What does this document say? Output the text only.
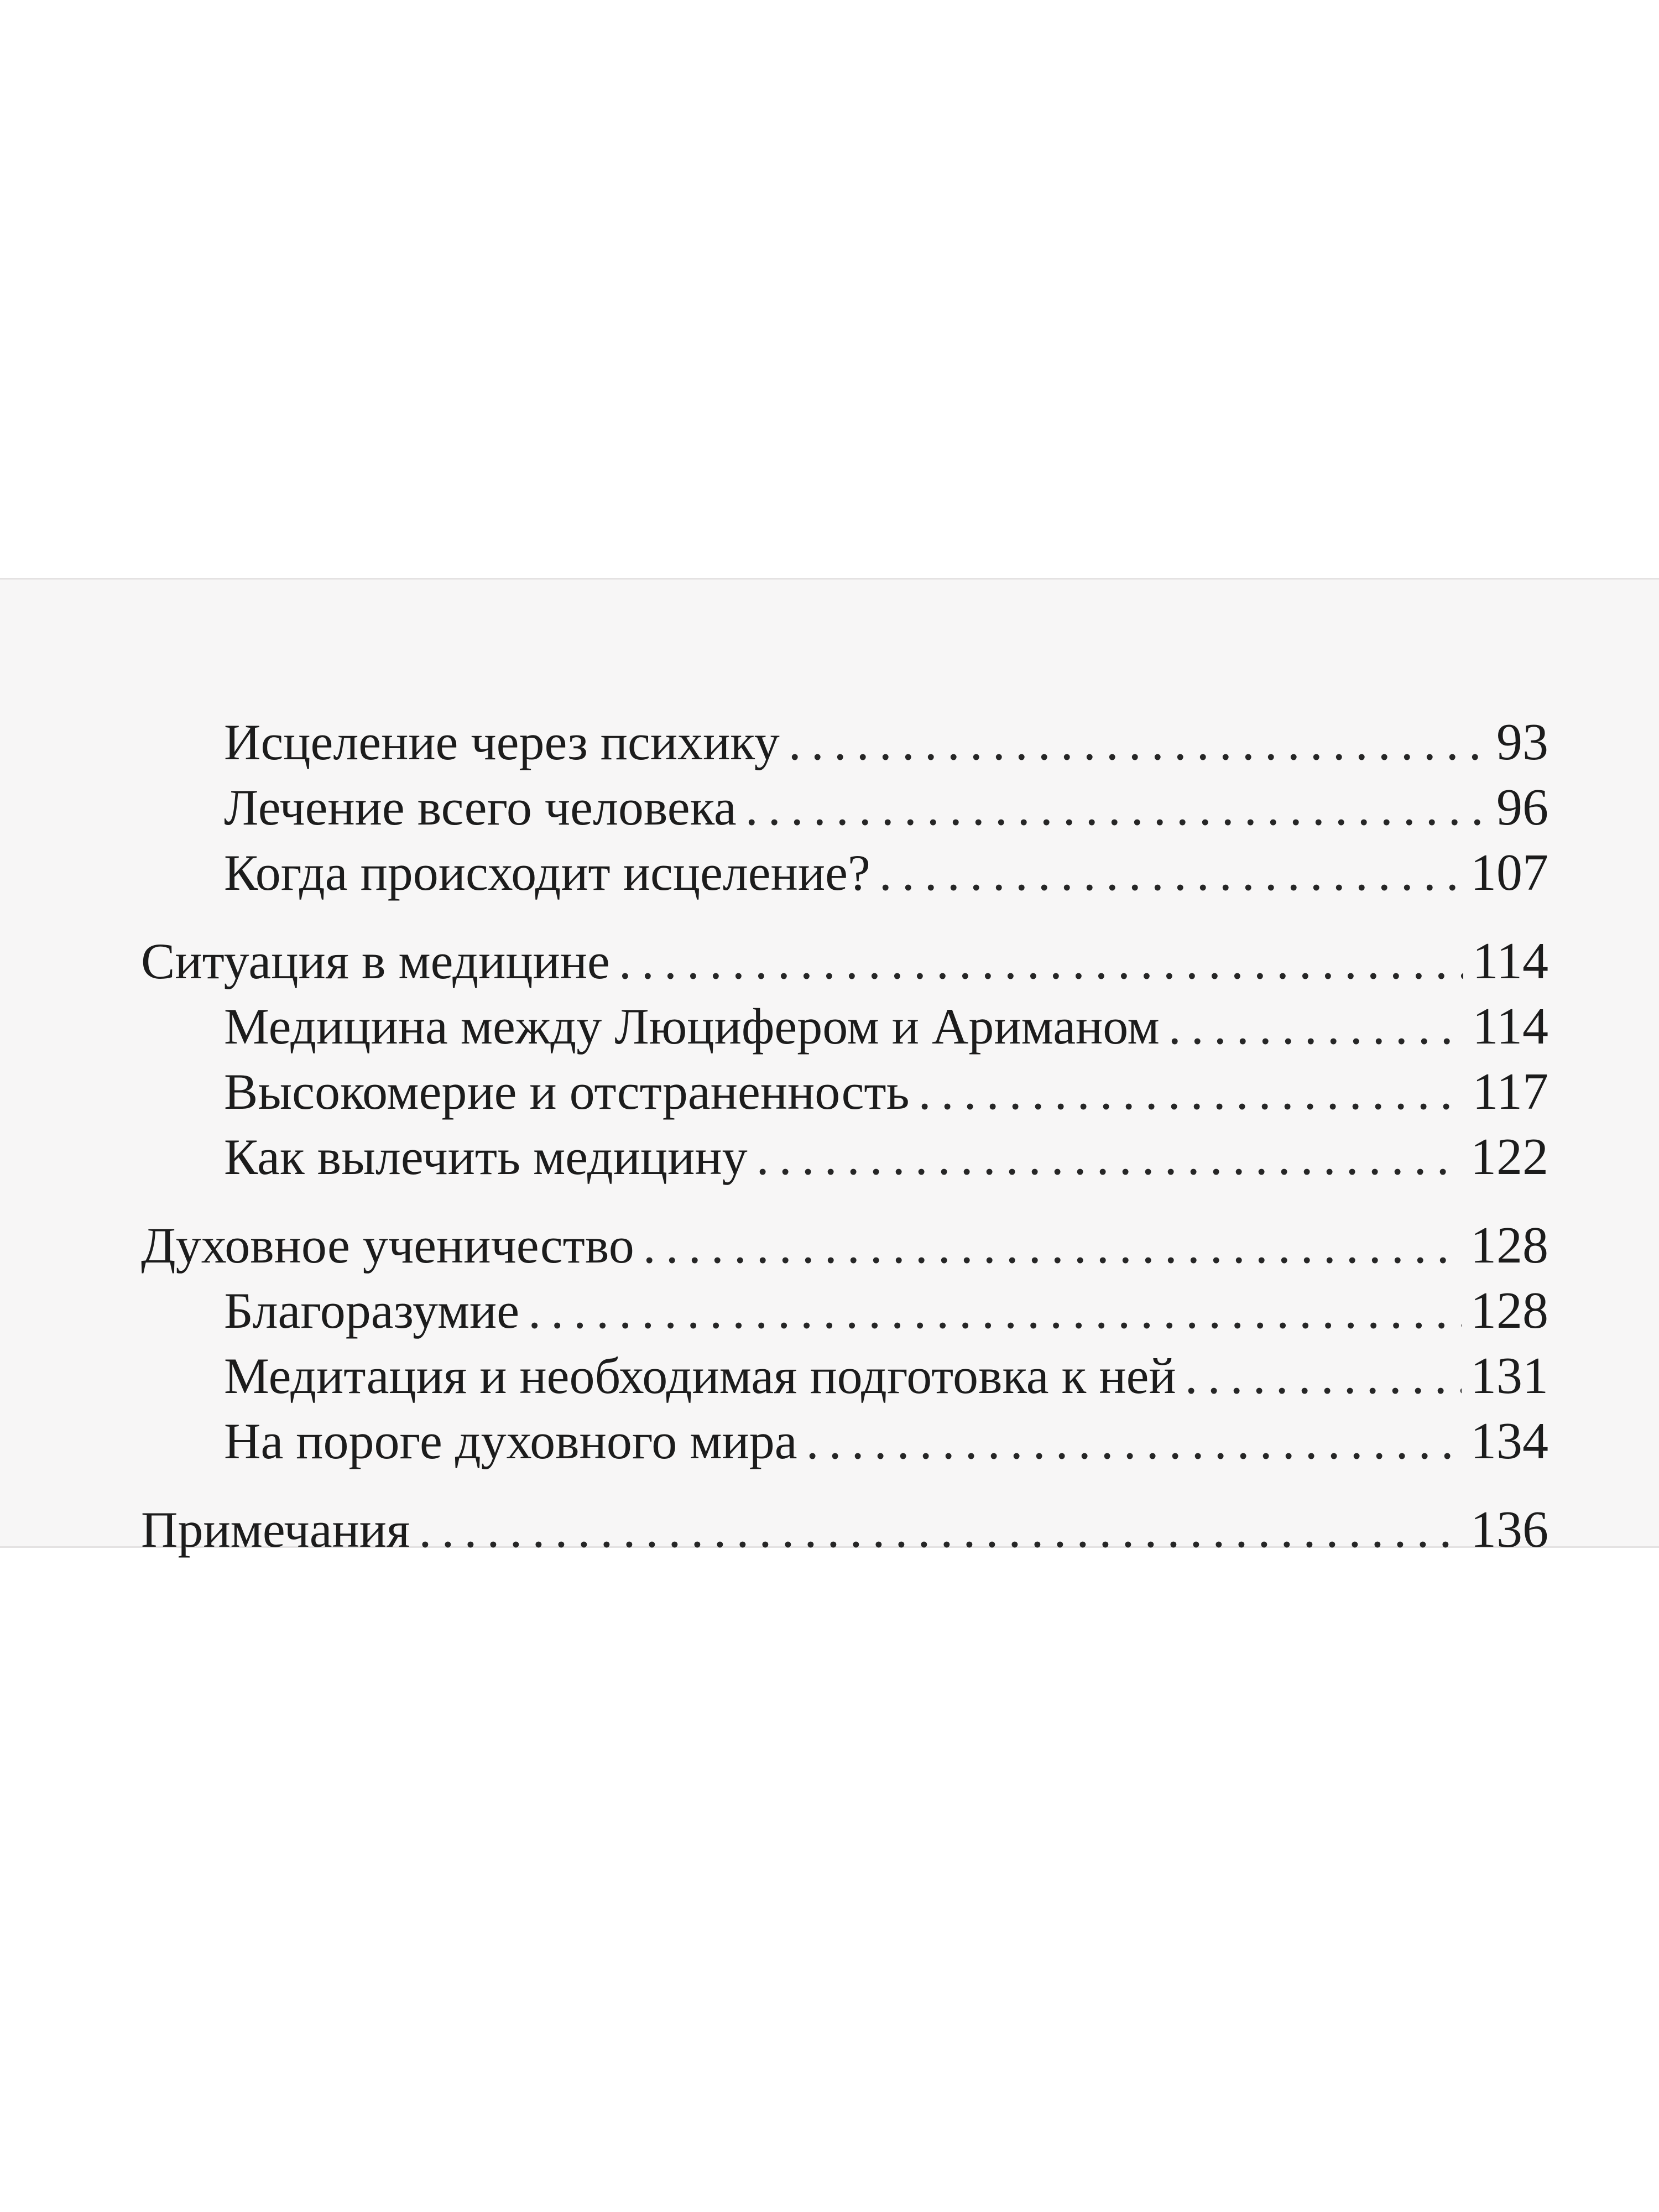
Исцеление через психику .....	93
Лечение всего человека .....	96
Когда происходит исцеление? .....	107
Ситуация в медицине .....	114
Медицина между Люцифером и Ариманом .....	114
Высокомерие и отстраненность .....	117
Как вылечить медицину .....	122
Духовное ученичество .....	128
Благоразумие .....	128
Медитация и необходимая подготовка к ней .....	131
На пороге духовного мира .....	134
Примечания .....	136
